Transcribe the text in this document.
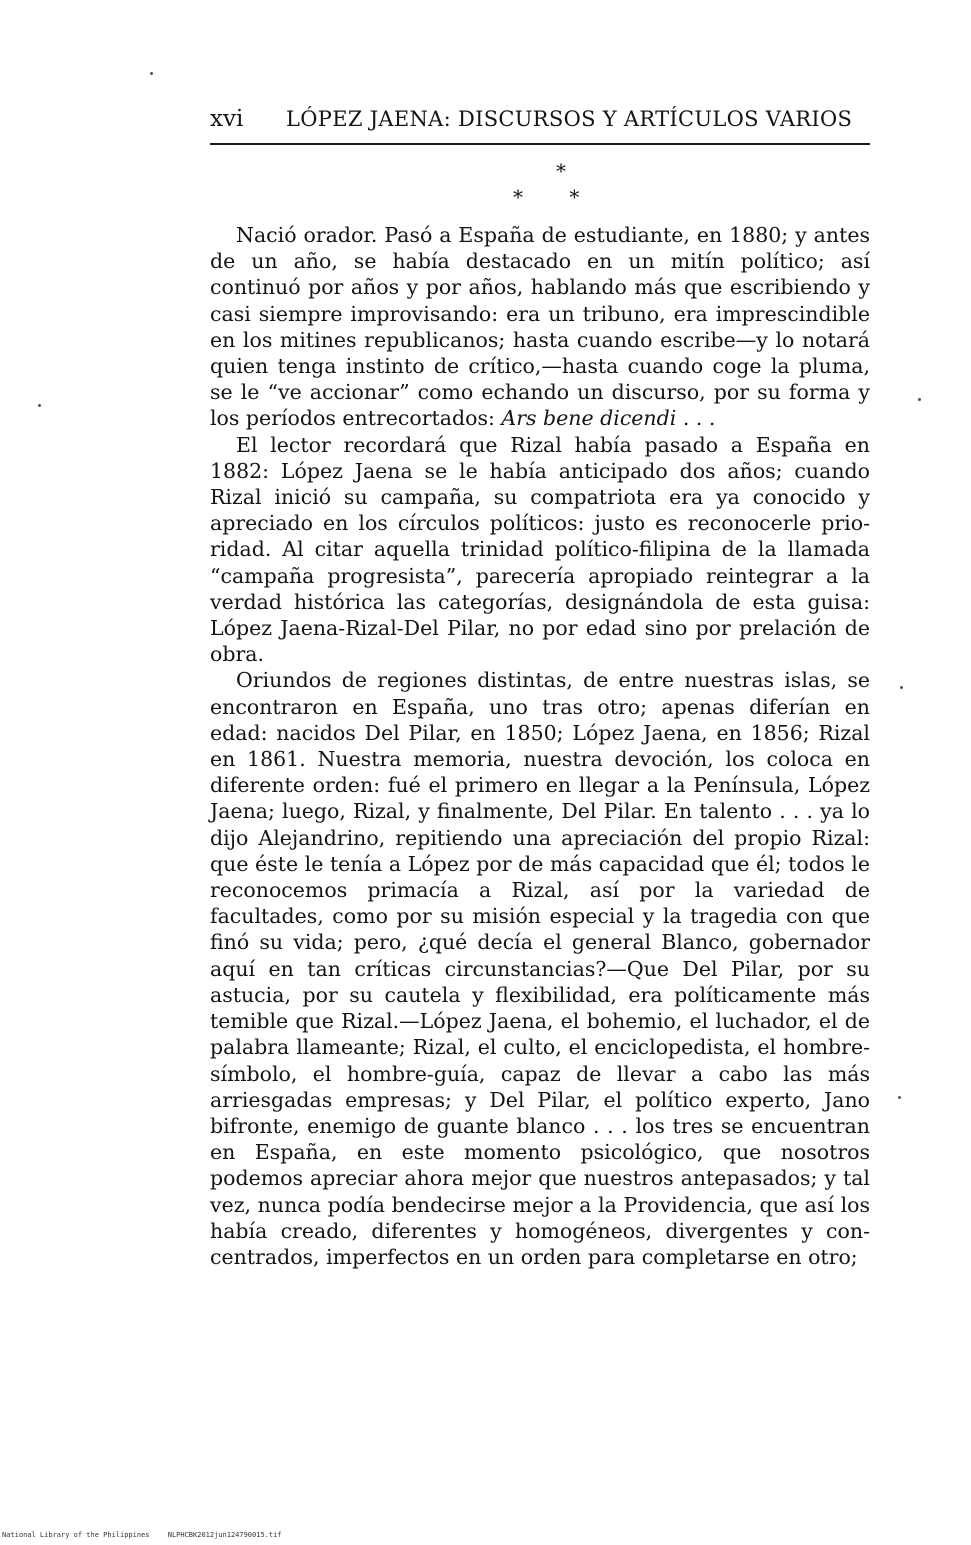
xvi LÓPEZ JAENA: DISCURSOS Y ARTÍCULOS VARIOS
*
* *

Nació orador. Pasó a España de estudiante, en 1880; y antes de un año, se había destacado en un mitín político; así continuó por años y por años, hablando más que escribiendo y casi siempre improvisando: era un tribuno, era imprescindible en los mitines republicanos; hasta cuando escribe—y lo notará quien tenga instinto de crítico,—hasta cuando coge la pluma, se le “ve accionar” como echando un discurso, por su forma y los períodos entrecortados: Ars bene dicendi . . .

El lector recordará que Rizal había pasado a España en 1882: López Jaena se le había anticipado dos años; cuando Rizal inició su campaña, su compatriota era ya conocido y apreciado en los círculos políticos: justo es reconocerle prioridad. Al citar aquella trinidad político-filipina de la llamada “campaña progresista”, parecería apropiado reintegrar a la verdad histórica las categorías, designándola de esta guisa: López Jaena-Rizal-Del Pilar, no por edad sino por prelación de obra.

Oriundos de regiones distintas, de entre nuestras islas, se encontraron en España, uno tras otro; apenas diferían en edad: nacidos Del Pilar, en 1850; López Jaena, en 1856; Rizal en 1861. Nuestra memoria, nuestra devoción, los coloca en diferente orden: fué el primero en llegar a la Península, López Jaena; luego, Rizal, y finalmente, Del Pilar. En talento . . . ya lo dijo Alejandrino, repitiendo una apreciación del propio Rizal: que éste le tenía a López por de más capacidad que él; todos le reconocemos primacía a Rizal, así por la variedad de facultades, como por su misión especial y la tragedia con que finó su vida; pero, ¿qué decía el general Blanco, gobernador aquí en tan críticas circunstancias?—Que Del Pilar, por su astucia, por su cautela y flexibilidad, era políticamente más temible que Rizal.—López Jaena, el bohemio, el luchador, el de palabra llameante; Rizal, el culto, el enciclopedista, el hombre-símbolo, el hombre-guía, capaz de llevar a cabo las más arriesgadas empresas; y Del Pilar, el político experto, Jano bifronte, enemigo de guante blanco . . . los tres se encuentran en España, en este momento psicológico, que nosotros podemos apreciar ahora mejor que nuestros antepasados; y tal vez, nunca podía bendecirse mejor a la Providencia, que así los había creado, diferentes y homogéneos, divergentes y concentrados, imperfectos en un orden para completarse en otro;

National Library of the Philippines	NLPHCBK2012jun124790015.tif
